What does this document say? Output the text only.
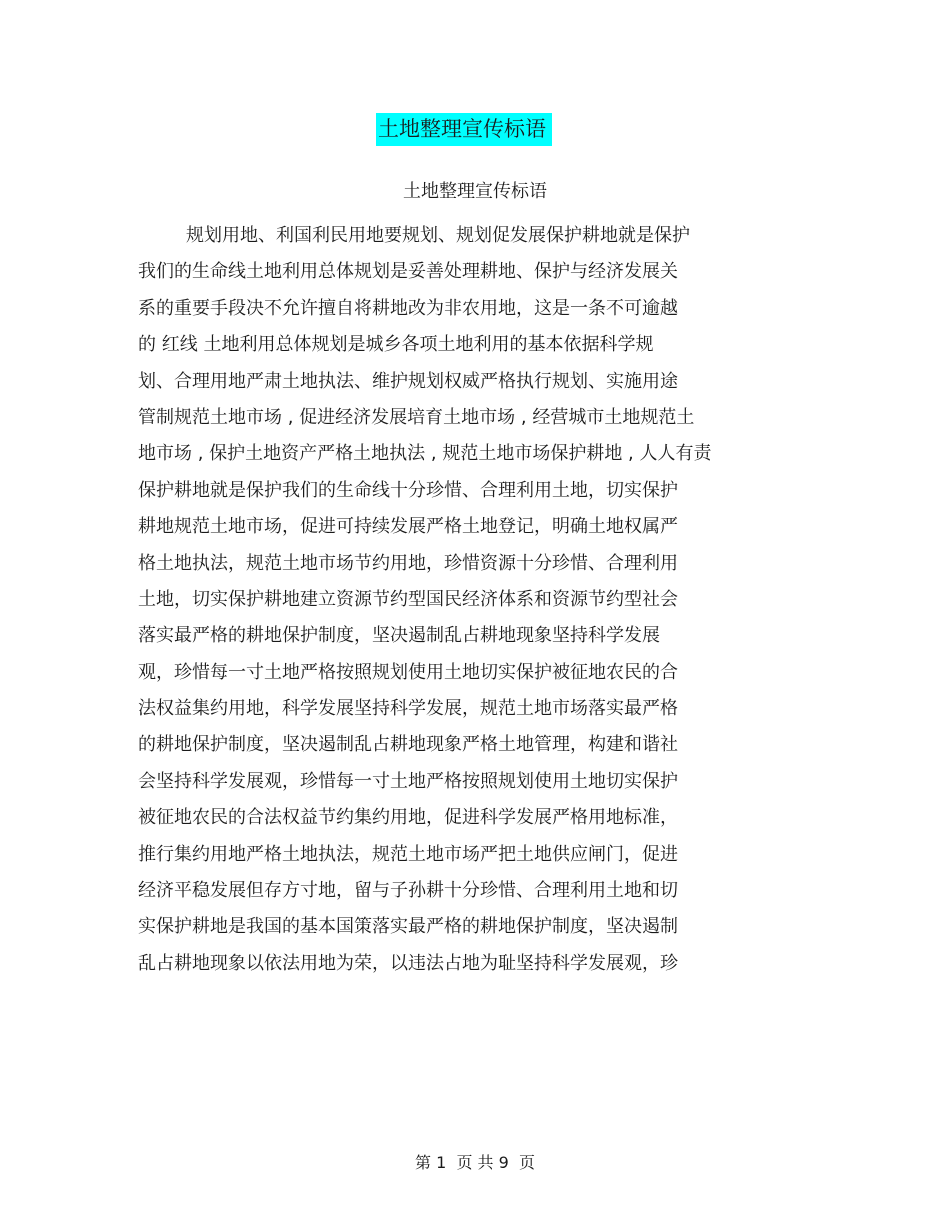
土地整理宣传标语
土地整理宣传标语
规划用地、利国利民用地要规划、规划促发展保护耕地就是保护
我们的生命线土地利用总体规划是妥善处理耕地、保护与经济发展关
系的重要手段决不允许擅自将耕地改为非农用地，这是一条不可逾越
的 红线 土地利用总体规划是城乡各项土地利用的基本依据科学规
划、合理用地严肃土地执法、维护规划权威严格执行规划、实施用途
管制规范土地市场 , 促进经济发展培育土地市场 , 经营城市土地规范土
地市场 , 保护土地资产严格土地执法 , 规范土地市场保护耕地 , 人人有责
保护耕地就是保护我们的生命线十分珍惜、合理利用土地，切实保护
耕地规范土地市场，促进可持续发展严格土地登记，明确土地权属严
格土地执法，规范土地市场节约用地，珍惜资源十分珍惜、合理利用
土地，切实保护耕地建立资源节约型国民经济体系和资源节约型社会
落实最严格的耕地保护制度，坚决遏制乱占耕地现象坚持科学发展
观，珍惜每一寸土地严格按照规划使用土地切实保护被征地农民的合
法权益集约用地，科学发展坚持科学发展，规范土地市场落实最严格
的耕地保护制度，坚决遏制乱占耕地现象严格土地管理，构建和谐社
会坚持科学发展观，珍惜每一寸土地严格按照规划使用土地切实保护
被征地农民的合法权益节约集约用地，促进科学发展严格用地标准，
推行集约用地严格土地执法，规范土地市场严把土地供应闸门，促进
经济平稳发展但存方寸地，留与子孙耕十分珍惜、合理利用土地和切
实保护耕地是我国的基本国策落实最严格的耕地保护制度，坚决遏制
乱占耕地现象以依法用地为荣，以违法占地为耻坚持科学发展观，珍
第 1  页 共 9  页
